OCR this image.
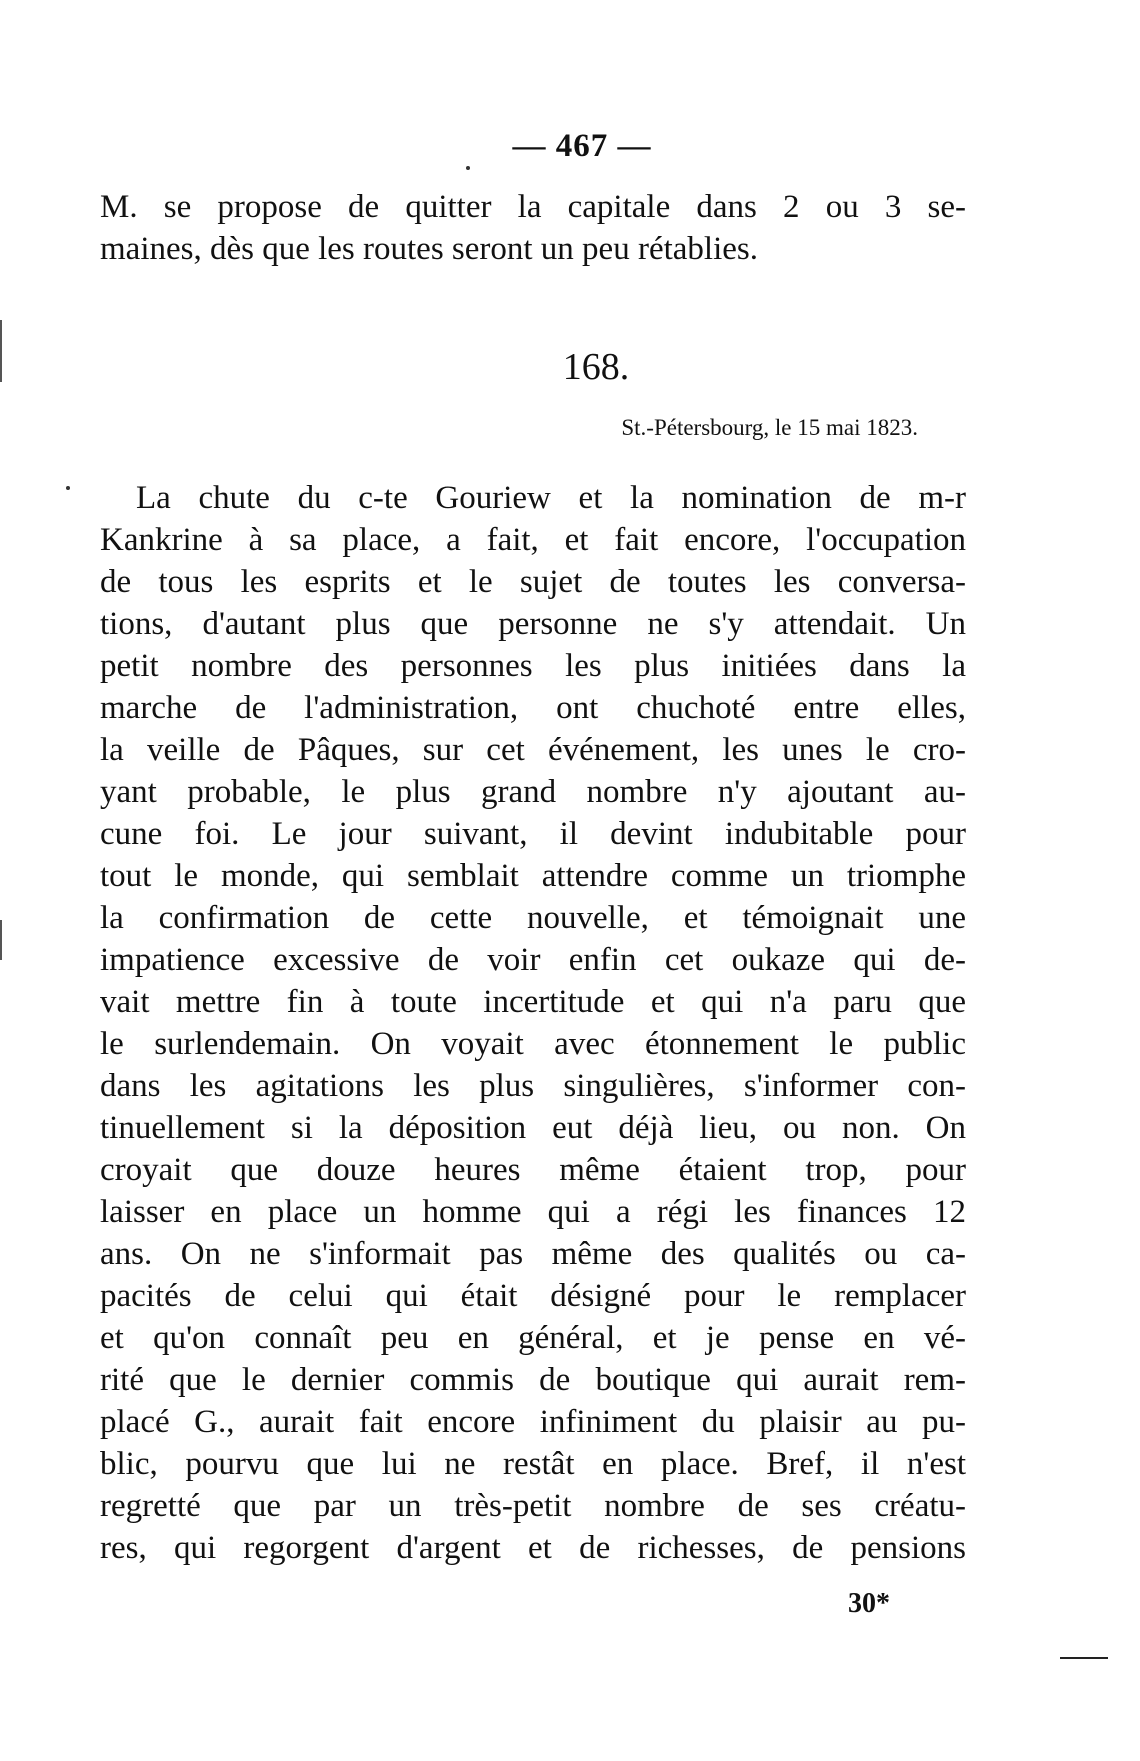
— 467 —
M. se propose de quitter la capitale dans 2 ou 3 se-
maines, dès que les routes seront un peu rétablies.
168.
St.-Pétersbourg, le 15 mai 1823.
La chute du c-te Gouriew et la nomination de m-r
Kankrine à sa place, a fait, et fait encore, l'occupation
de tous les esprits et le sujet de toutes les conversa-
tions, d'autant plus que personne ne s'y attendait. Un
petit nombre des personnes les plus initiées dans la
marche de l'administration, ont chuchoté entre elles,
la veille de Pâques, sur cet événement, les unes le cro-
yant probable, le plus grand nombre n'y ajoutant au-
cune foi. Le jour suivant, il devint indubitable pour
tout le monde, qui semblait attendre comme un triomphe
la confirmation de cette nouvelle, et témoignait une
impatience excessive de voir enfin cet oukaze qui de-
vait mettre fin à toute incertitude et qui n'a paru que
le surlendemain. On voyait avec étonnement le public
dans les agitations les plus singulières, s'informer con-
tinuellement si la déposition eut déjà lieu, ou non. On
croyait que douze heures même étaient trop, pour
laisser en place un homme qui a régi les finances 12
ans. On ne s'informait pas même des qualités ou ca-
pacités de celui qui était désigné pour le remplacer
et qu'on connaît peu en général, et je pense en vé-
rité que le dernier commis de boutique qui aurait rem-
placé G., aurait fait encore infiniment du plaisir au pu-
blic, pourvu que lui ne restât en place. Bref, il n'est
regretté que par un très-petit nombre de ses créatu-
res, qui regorgent d'argent et de richesses, de pensions
30*
